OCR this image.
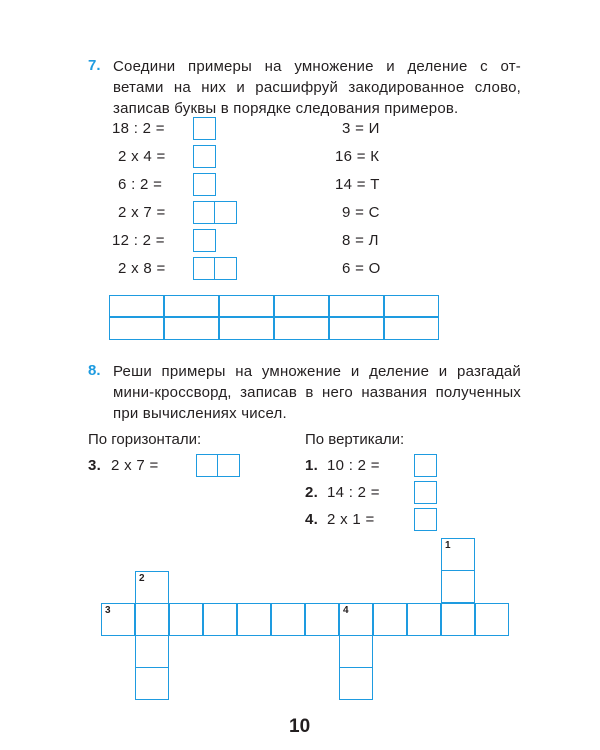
7. Соедини примеры на умножение и деление с от-
ветами на них и расшифруй закодированное слово,
записав буквы в порядке следования примеров.
18 : 2 =
2 x 4 =
6 : 2 =
2 x 7 =
12 : 2 =
2 x 8 =
3 = И
16 = К
14 = Т
9 = С
8 = Л
6 = О
8. Реши примеры на умножение и деление и разгадай
мини-кроссворд, записав в него названия полученных
при вычислениях чисел.
По горизонтали:	По вертикали:
3. 2 x 7 =	1. 10 : 2 =
2. 14 : 2 =
4. 2 x 1 =
1
2
3	4
10
